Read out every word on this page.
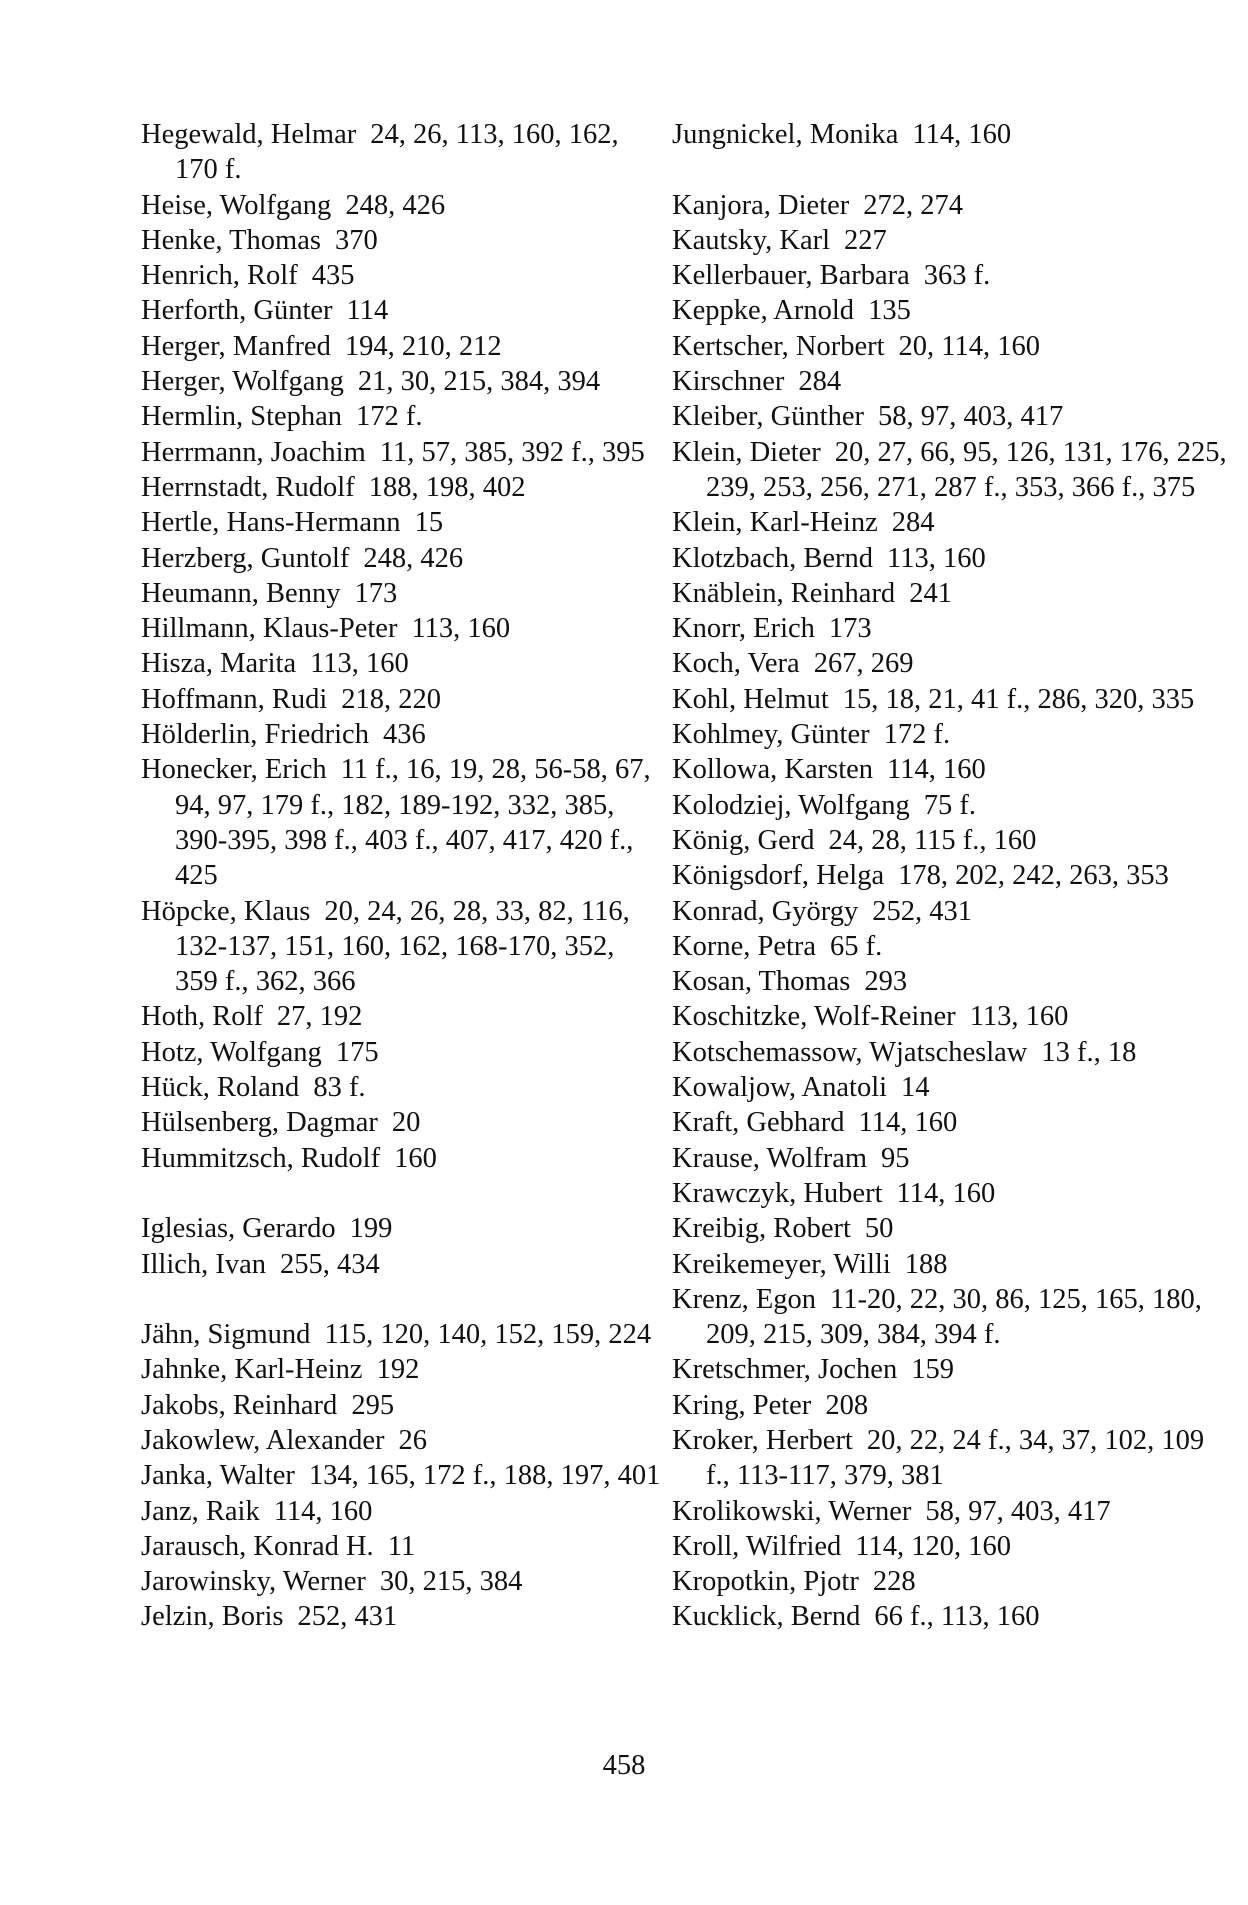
Hegewald, Helmar 24, 26, 113, 160, 162, 170 f.
Heise, Wolfgang 248, 426
Henke, Thomas 370
Henrich, Rolf 435
Herforth, Günter 114
Herger, Manfred 194, 210, 212
Herger, Wolfgang 21, 30, 215, 384, 394
Hermlin, Stephan 172 f.
Herrmann, Joachim 11, 57, 385, 392 f., 395
Herrnstadt, Rudolf 188, 198, 402
Hertle, Hans-Hermann 15
Herzberg, Guntolf 248, 426
Heumann, Benny 173
Hillmann, Klaus-Peter 113, 160
Hisza, Marita 113, 160
Hoffmann, Rudi 218, 220
Hölderlin, Friedrich 436
Honecker, Erich 11 f., 16, 19, 28, 56-58, 67, 94, 97, 179 f., 182, 189-192, 332, 385, 390-395, 398 f., 403 f., 407, 417, 420 f., 425
Höpcke, Klaus 20, 24, 26, 28, 33, 82, 116, 132-137, 151, 160, 162, 168-170, 352, 359 f., 362, 366
Hoth, Rolf 27, 192
Hotz, Wolfgang 175
Hück, Roland 83 f.
Hülsenberg, Dagmar 20
Hummitzsch, Rudolf 160
Iglesias, Gerardo 199
Illich, Ivan 255, 434
Jähn, Sigmund 115, 120, 140, 152, 159, 224
Jahnke, Karl-Heinz 192
Jakobs, Reinhard 295
Jakowlew, Alexander 26
Janka, Walter 134, 165, 172 f., 188, 197, 401
Janz, Raik 114, 160
Jarausch, Konrad H. 11
Jarowinsky, Werner 30, 215, 384
Jelzin, Boris 252, 431
Jungnickel, Monika 114, 160
Kanjora, Dieter 272, 274
Kautsky, Karl 227
Kellerbauer, Barbara 363 f.
Keppke, Arnold 135
Kertscher, Norbert 20, 114, 160
Kirschner 284
Kleiber, Günther 58, 97, 403, 417
Klein, Dieter 20, 27, 66, 95, 126, 131, 176, 225, 239, 253, 256, 271, 287 f., 353, 366 f., 375
Klein, Karl-Heinz 284
Klotzbach, Bernd 113, 160
Knäblein, Reinhard 241
Knorr, Erich 173
Koch, Vera 267, 269
Kohl, Helmut 15, 18, 21, 41 f., 286, 320, 335
Kohlmey, Günter 172 f.
Kollowa, Karsten 114, 160
Kolodziej, Wolfgang 75 f.
König, Gerd 24, 28, 115 f., 160
Königsdorf, Helga 178, 202, 242, 263, 353
Konrad, György 252, 431
Korne, Petra 65 f.
Kosan, Thomas 293
Koschitzke, Wolf-Reiner 113, 160
Kotschemassow, Wjatscheslaw 13 f., 18
Kowaljow, Anatoli 14
Kraft, Gebhard 114, 160
Krause, Wolfram 95
Krawczyk, Hubert 114, 160
Kreibig, Robert 50
Kreikemeyer, Willi 188
Krenz, Egon 11-20, 22, 30, 86, 125, 165, 180, 209, 215, 309, 384, 394 f.
Kretschmer, Jochen 159
Kring, Peter 208
Kroker, Herbert 20, 22, 24 f., 34, 37, 102, 109 f., 113-117, 379, 381
Krolikowski, Werner 58, 97, 403, 417
Kroll, Wilfried 114, 120, 160
Kropotkin, Pjotr 228
Kucklick, Bernd 66 f., 113, 160
458
